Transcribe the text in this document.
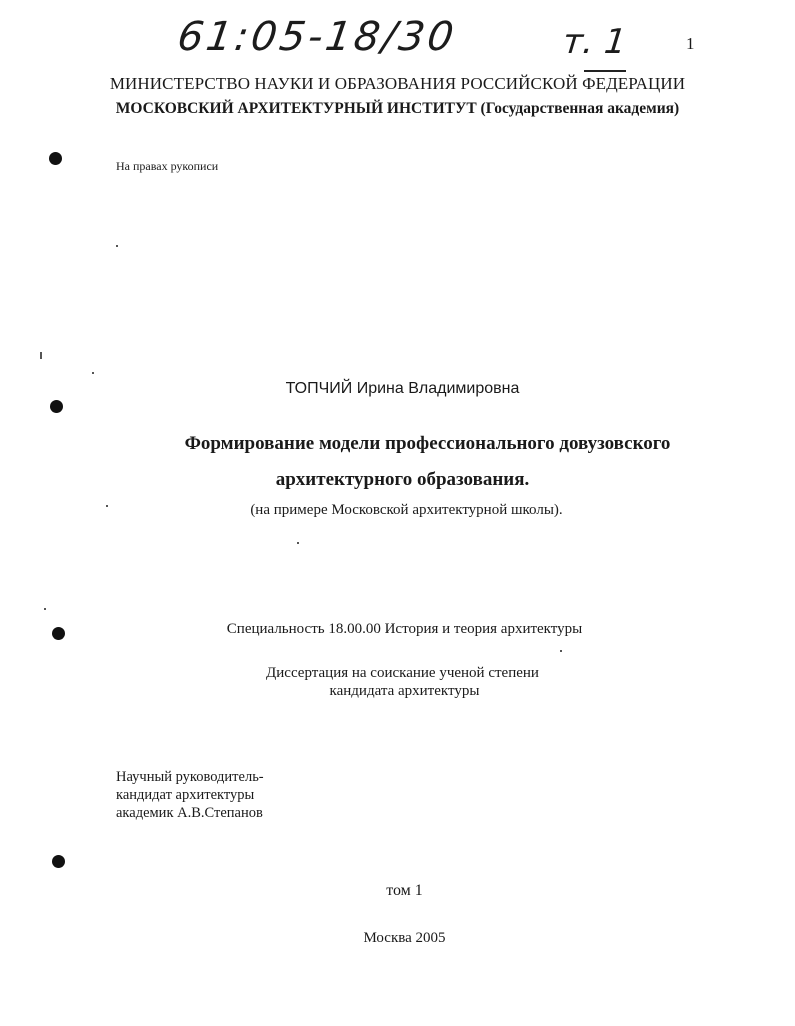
61:05-18/30	т. 1	1
МИНИСТЕРСТВО НАУКИ И ОБРАЗОВАНИЯ РОССИЙСКОЙ ФЕДЕРАЦИИ
МОСКОВСКИЙ АРХИТЕКТУРНЫЙ ИНСТИТУТ (Государственная академия)
На правах рукописи
ТОПЧИЙ Ирина Владимировна
Формирование модели профессионального довузовского
архитектурного образования.
(на примере Московской архитектурной школы).
Специальность 18.00.00 История и теория архитектуры
Диссертация на соискание ученой степени
кандидата архитектуры
Научный руководитель-
кандидат архитектуры
академик А.В.Степанов
том 1
Москва 2005
